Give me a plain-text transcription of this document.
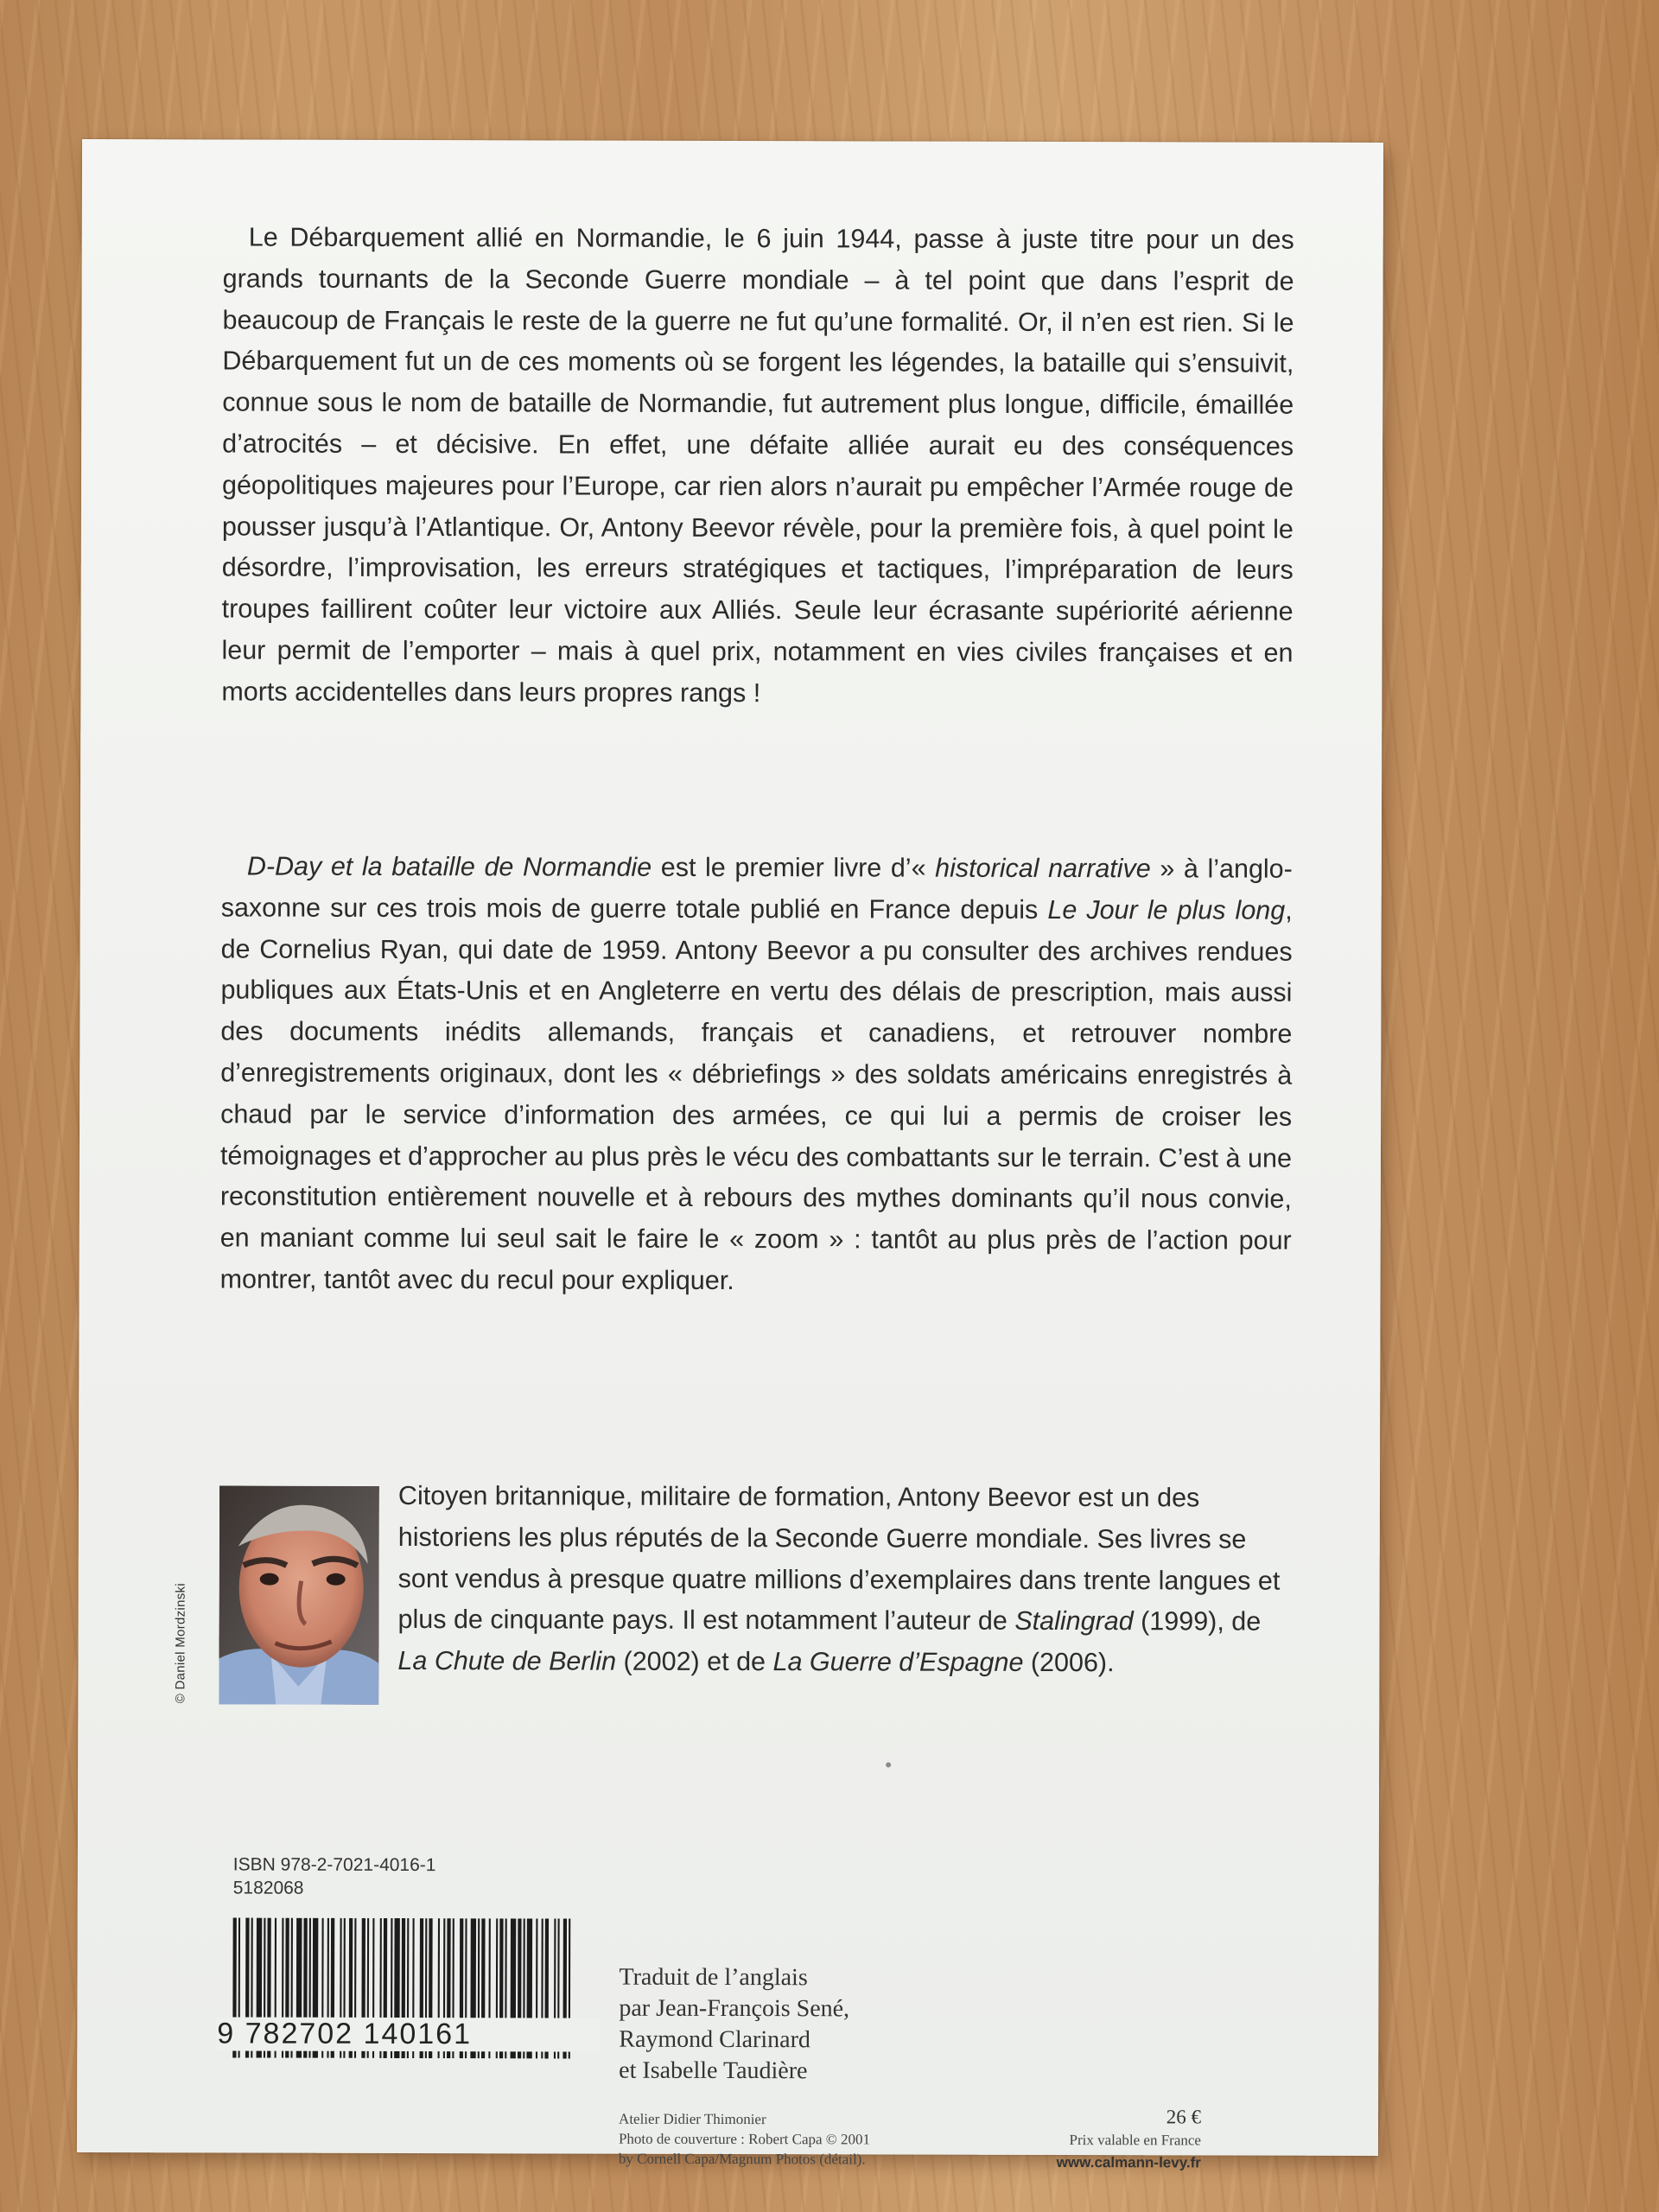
Le Débarquement allié en Normandie, le 6 juin 1944, passe à juste titre pour un des grands tournants de la Seconde Guerre mondiale – à tel point que dans l’esprit de beaucoup de Français le reste de la guerre ne fut qu’une formalité. Or, il n’en est rien. Si le Débarquement fut un de ces moments où se forgent les légendes, la bataille qui s’ensuivit, connue sous le nom de bataille de Normandie, fut autrement plus longue, difficile, émaillée d’atrocités – et décisive. En effet, une défaite alliée aurait eu des conséquences géopolitiques majeures pour l’Europe, car rien alors n’aurait pu empêcher l’Armée rouge de pousser jusqu’à l’Atlantique. Or, Antony Beevor révèle, pour la première fois, à quel point le désordre, l’improvisation, les erreurs stratégiques et tactiques, l’impréparation de leurs troupes faillirent coûter leur victoire aux Alliés. Seule leur écrasante supériorité aérienne leur permit de l’emporter – mais à quel prix, notamment en vies civiles françaises et en morts accidentelles dans leurs propres rangs !

D-Day et la bataille de Normandie est le premier livre d’« historical narrative » à l’anglo-saxonne sur ces trois mois de guerre totale publié en France depuis Le Jour le plus long, de Cornelius Ryan, qui date de 1959. Antony Beevor a pu consulter des archives rendues publiques aux États-Unis et en Angleterre en vertu des délais de prescription, mais aussi des documents inédits allemands, français et canadiens, et retrouver nombre d’enregistrements originaux, dont les « débriefings » des soldats américains enregistrés à chaud par le service d’information des armées, ce qui lui a permis de croiser les témoignages et d’approcher au plus près le vécu des combattants sur le terrain. C’est à une reconstitution entièrement nouvelle et à rebours des mythes dominants qu’il nous convie, en maniant comme lui seul sait le faire le « zoom » : tantôt au plus près de l’action pour montrer, tantôt avec du recul pour expliquer.

© Daniel Mordzinski

Citoyen britannique, militaire de formation, Antony Beevor est un des historiens les plus réputés de la Seconde Guerre mondiale. Ses livres se sont vendus à presque quatre millions d’exemplaires dans trente langues et plus de cinquante pays. Il est notamment l’auteur de Stalingrad (1999), de La Chute de Berlin (2002) et de La Guerre d’Espagne (2006).

ISBN 978-2-7021-4016-1
5182068
9 782702 140161
Traduit de l’anglais
par Jean-François Sené,
Raymond Clarinard
et Isabelle Taudière
Atelier Didier Thimonier
Photo de couverture : Robert Capa © 2001
by Cornell Capa/Magnum Photos (détail).
26 €
Prix valable en France
www.calmann-levy.fr
